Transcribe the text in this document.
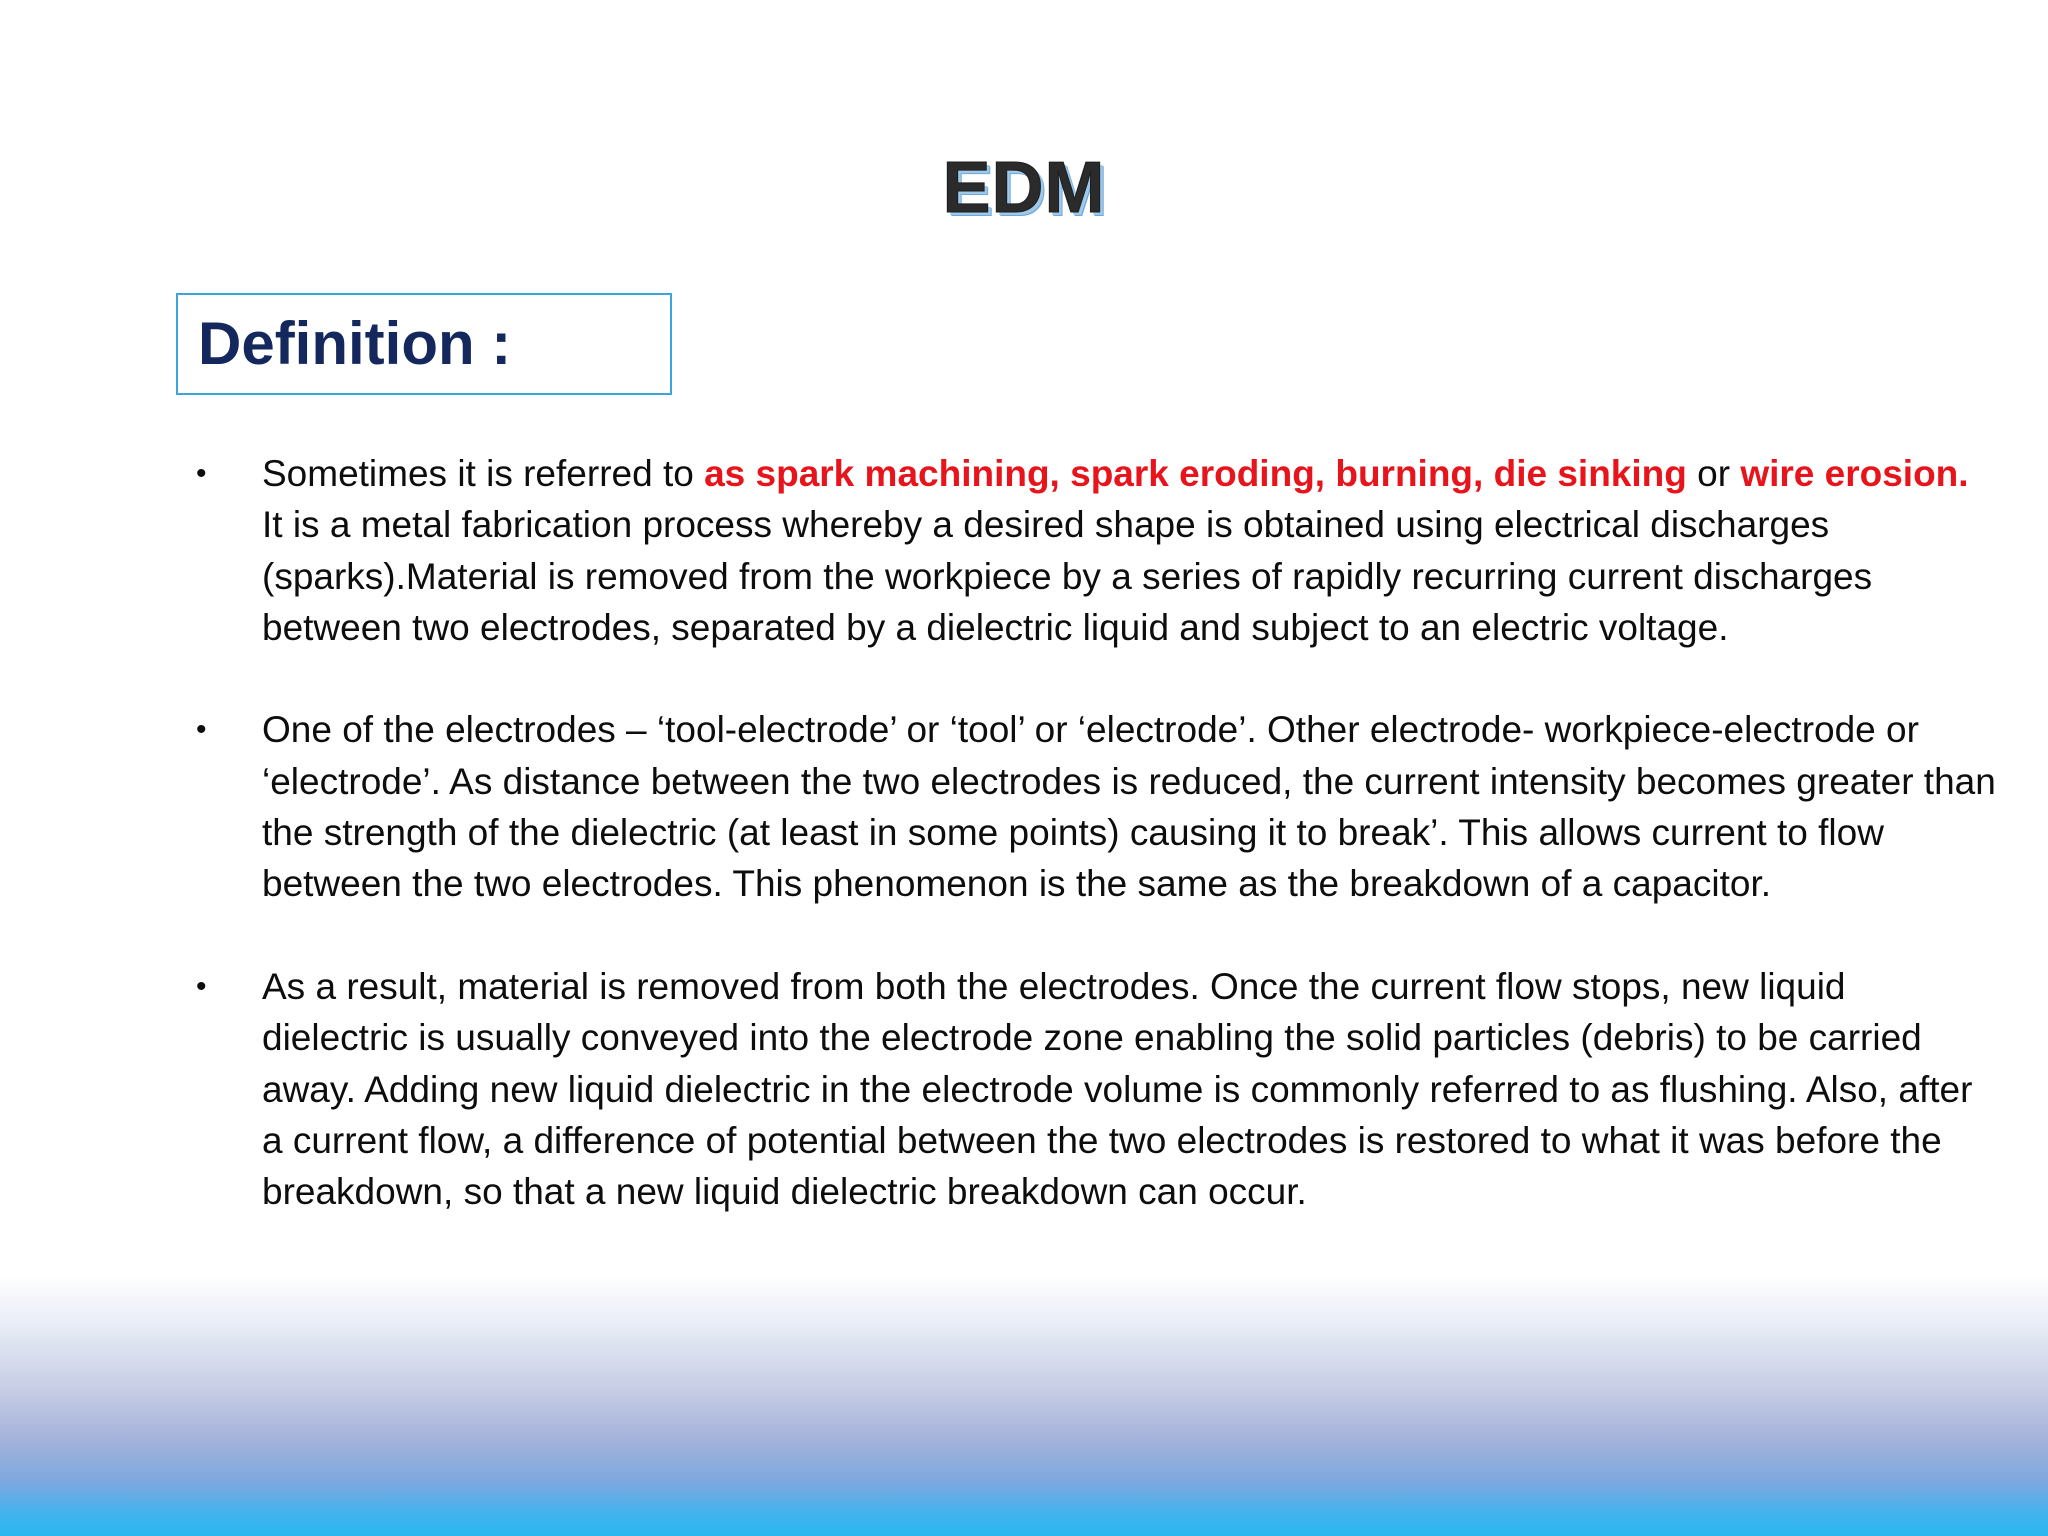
EDM
Definition :
•	Sometimes it is referred to as spark machining, spark eroding, burning, die sinking or wire erosion. It is a metal fabrication process whereby a desired shape is obtained using electrical discharges (sparks).Material is removed from the workpiece by a series of rapidly recurring current discharges between two electrodes, separated by a dielectric liquid and subject to an electric voltage.
•	One of the electrodes – ‘tool-electrode’ or ‘tool’ or ‘electrode’. Other electrode- workpiece-electrode or ‘electrode’. As distance between the two electrodes is reduced, the current intensity becomes greater than the strength of the dielectric (at least in some points) causing it to break’. This allows current to flow between the two electrodes. This phenomenon is the same as the breakdown of a capacitor.
•	As a result, material is removed from both the electrodes. Once the current flow stops, new liquid dielectric is usually conveyed into the electrode zone enabling the solid particles (debris) to be carried away. Adding new liquid dielectric in the electrode volume is commonly referred to as flushing. Also, after a current flow, a difference of potential between the two electrodes is restored to what it was before the breakdown, so that a new liquid dielectric breakdown can occur.
